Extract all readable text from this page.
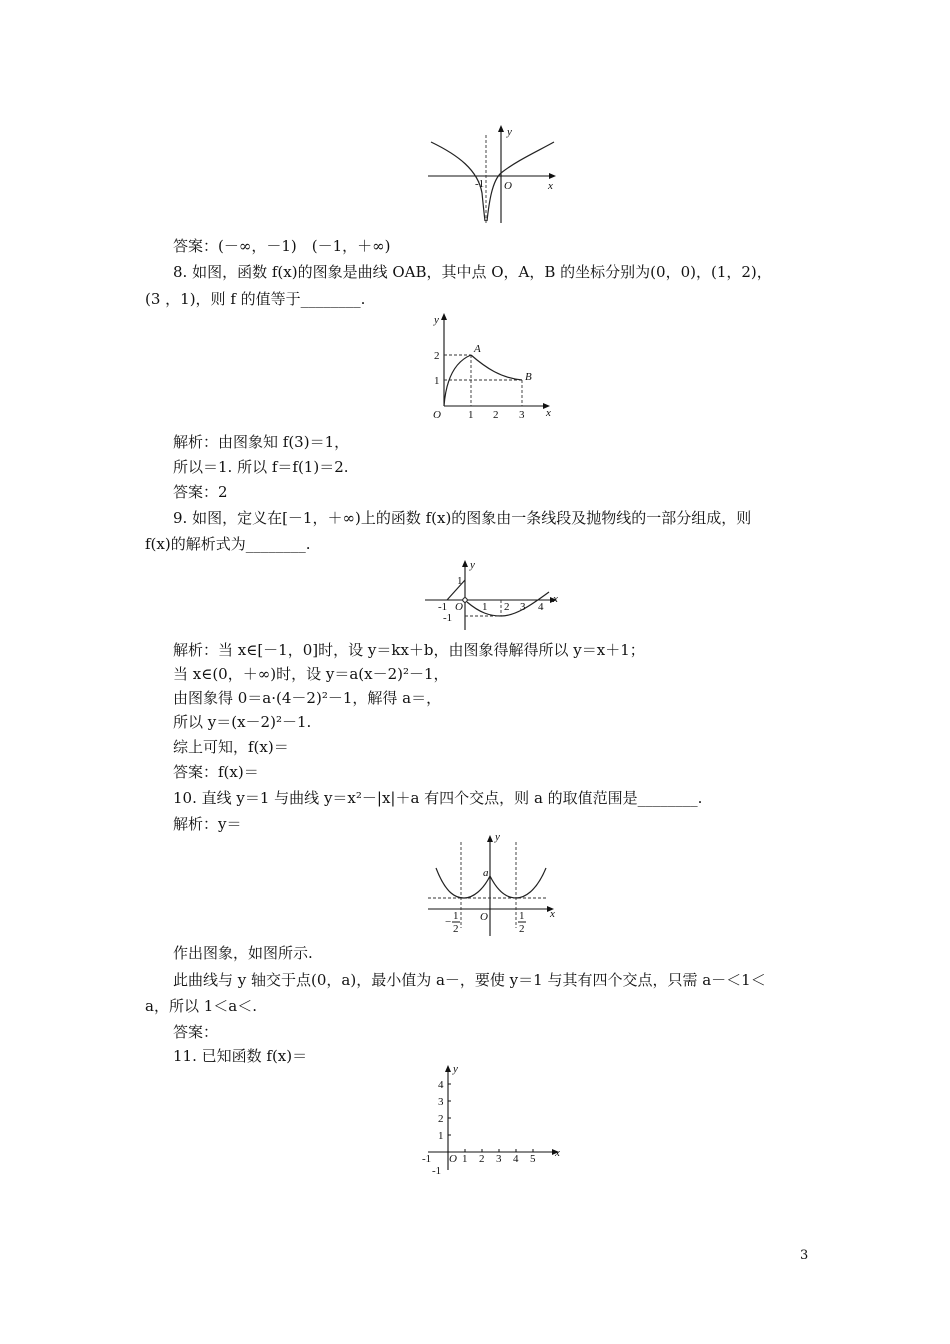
y
x
-1 O
答案：(－∞，－1)　(－1，＋∞)
8. 如图，函数 f(x)的图象是曲线 OAB，其中点 O，A，B 的坐标分别为(0，0)，(1，2)，
(3 ，1)，则 f 的值等于________.
y
x
O
2
1
1 2 3
A
B
解析：由图象知 f(3)＝1，
所以＝1. 所以 f＝f(1)＝2.
答案：2
9. 如图，定义在[－1，＋∞)上的函数 f(x)的图象由一条线段及抛物线的一部分组成，则
f(x)的解析式为________.
y
x
1
-1
-1 O 1 2 3 4
解析：当 x∈[－1，0]时，设 y＝kx＋b，由图象得解得所以 y＝x＋1；
当 x∈(0，＋∞)时，设 y＝a(x－2)²－1，
由图象得 0＝a·(4－2)²－1，解得 a＝，
所以 y＝(x－2)²－1.
综上可知，f(x)＝
答案：f(x)＝
10. 直线 y＝1 与曲线 y＝x²－|x|＋a 有四个交点，则 a 的取值范围是________.
解析：y＝
y
x
a
O
− 1
2
1
2
作出图象，如图所示.
此曲线与 y 轴交于点(0，a)，最小值为 a－，要使 y＝1 与其有四个交点，只需 a－＜1＜
a，所以 1＜a＜.
答案：
11. 已知函数 f(x)＝
y
x
4
3
2
1
-1 O 1 2 3 4 5
-1
3
